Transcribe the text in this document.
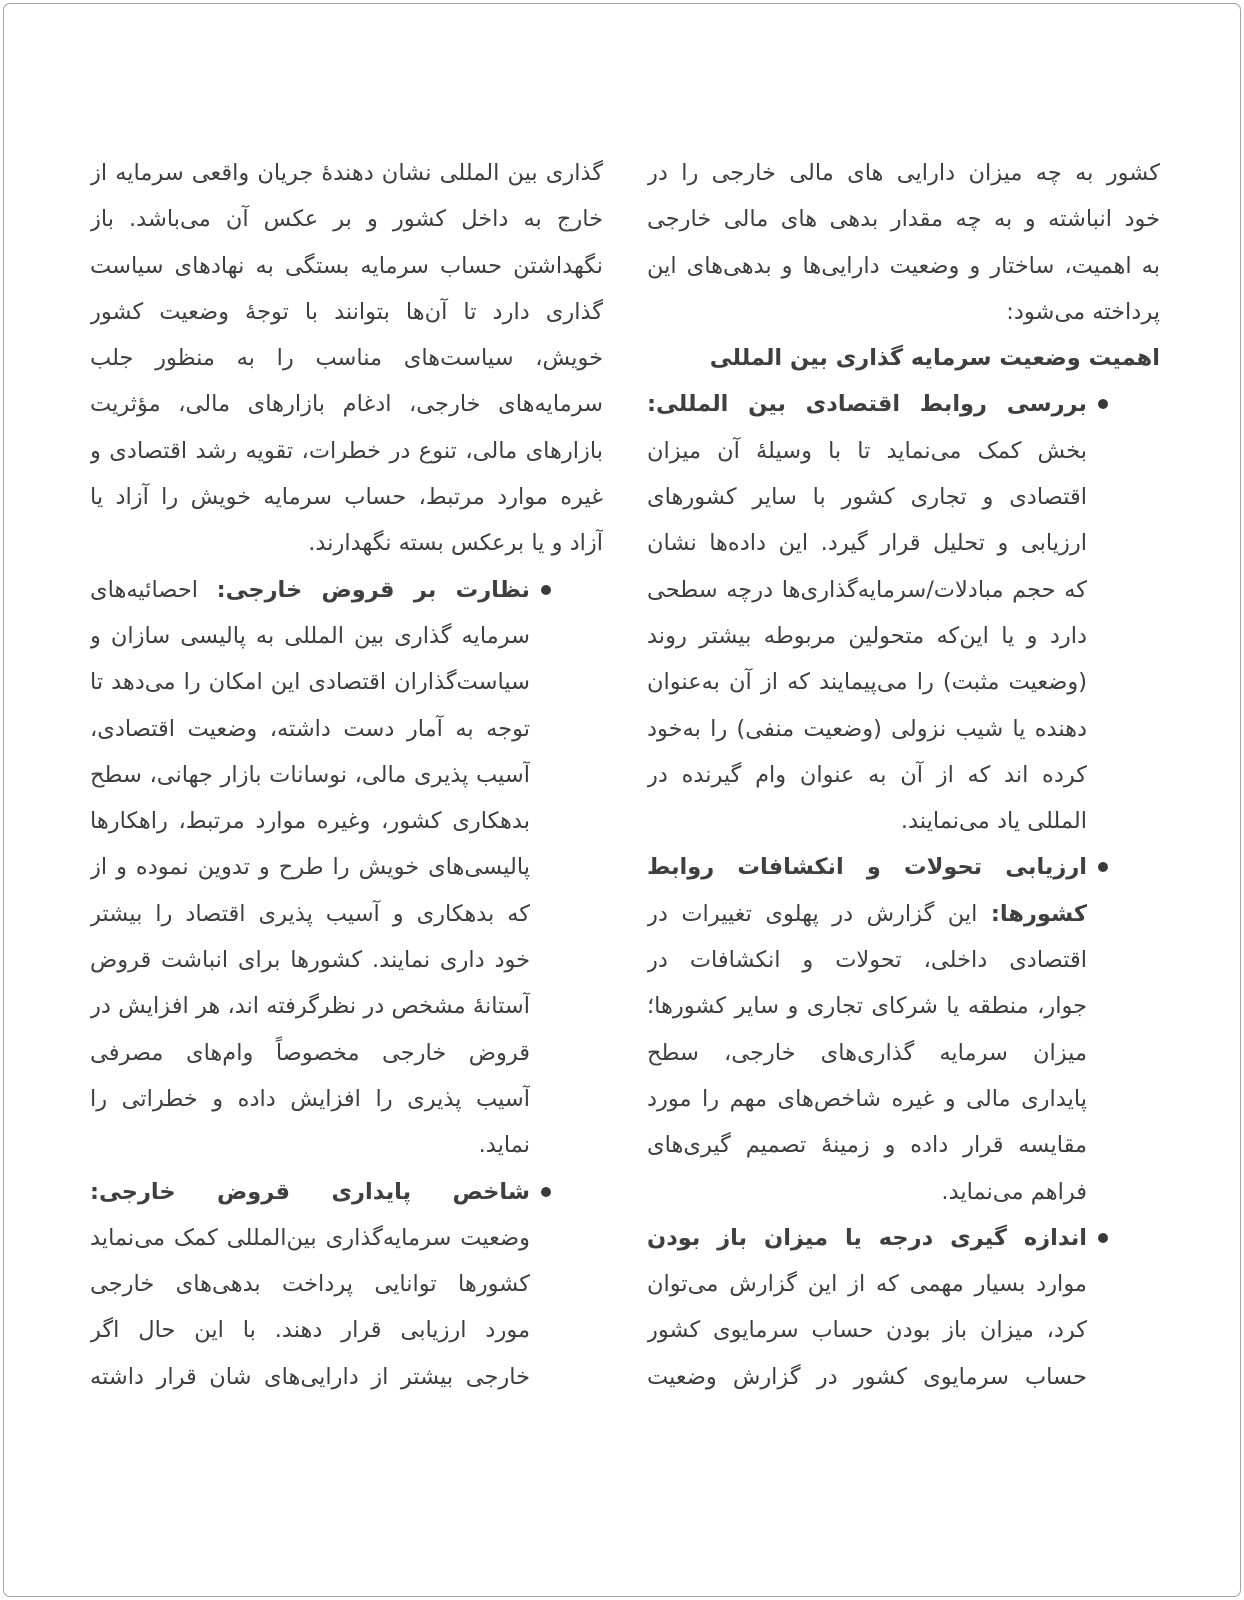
کشور به چه میزان دارایی های مالی خارجی را در
خود انباشته و به چه مقدار بدهی های مالی خارجی
به اهمیت، ساختار و وضعیت دارایی‌ها و بدهی‌های این
پرداخته می‌شود:
اهمیت وضعیت سرمایه گذاری بین المللی
بررسی روابط اقتصادی بین المللی:
بخش کمک می‌نماید تا با وسیلهٔ آن میزان
اقتصادی و تجاری کشور با سایر کشورهای
ارزیابی و تحلیل قرار گیرد. این داده‌ها نشان
که حجم مبادلات/سرمایه‌گذاری‌ها درچه سطحی
دارد و یا این‌که متحولین مربوطه بیشتر روند
(وضعیت مثبت) را می‌پیمایند که از آن به‌عنوان
دهنده یا شیب نزولی (وضعیت منفی) را به‌خود
کرده اند که از آن به عنوان وام گیرنده در
المللی یاد می‌نمایند.
ارزیابی تحولات و انکشافات روابط
کشورها: این گزارش در پهلوی تغییرات در
اقتصادی داخلی، تحولات و انکشافات در
جوار، منطقه یا شرکای تجاری و سایر کشورها؛
میزان سرمایه گذاری‌های خارجی، سطح
پایداری مالی و غیره شاخص‌های مهم را مورد
مقایسه قرار داده و زمینهٔ تصمیم گیری‌های
فراهم می‌نماید.
اندازه گیری درجه یا میزان باز بودن
موارد بسیار مهمی که از این گزارش می‌توان
کرد، میزان باز بودن حساب سرمایوی کشور
حساب سرمایوی کشور در گزارش وضعیت
گذاری بین المللی نشان دهندهٔ جریان واقعی سرمایه از
خارج به داخل کشور و بر عکس آن می‌باشد. باز
نگهداشتن حساب سرمایه بستگی به نهادهای سیاست
گذاری دارد تا آن‌ها بتوانند با توجهٔ وضعیت کشور
خویش، سیاست‌های مناسب را به منظور جلب
سرمایه‌های خارجی، ادغام بازارهای مالی، مؤثریت
بازارهای مالی، تنوع در خطرات، تقویه رشد اقتصادی و
غیره موارد مرتبط، حساب سرمایه خویش را آزاد یا
آزاد و یا برعکس بسته نگهدارند.
نظارت بر قروض خارجی: احصائیه‌های
سرمایه گذاری بین المللی به پالیسی سازان و
سیاست‌گذاران اقتصادی این امکان را می‌دهد تا
توجه به آمار دست داشته، وضعیت اقتصادی،
آسیب پذیری مالی، نوسانات بازار جهانی، سطح
بدهکاری کشور، وغیره موارد مرتبط، راهکارها
پالیسی‌های خویش را طرح و تدوین نموده و از
که بدهکاری و آسیب پذیری اقتصاد را بیشتر
خود داری نمایند. کشورها برای انباشت قروض
آستانهٔ مشخص در نظرگرفته اند، هر افزایش در
قروض خارجی مخصوصاً وام‌های مصرفی
آسیب پذیری را افزایش داده و خطراتی را
نماید.
شاخص پایداری قروض خارجی:
وضعیت سرمایه‌گذاری بین‌المللی کمک می‌نماید
کشورها توانایی پرداخت بدهی‌های خارجی
مورد ارزیابی قرار دهند. با این حال اگر
خارجی بیشتر از دارایی‌های شان قرار داشته
